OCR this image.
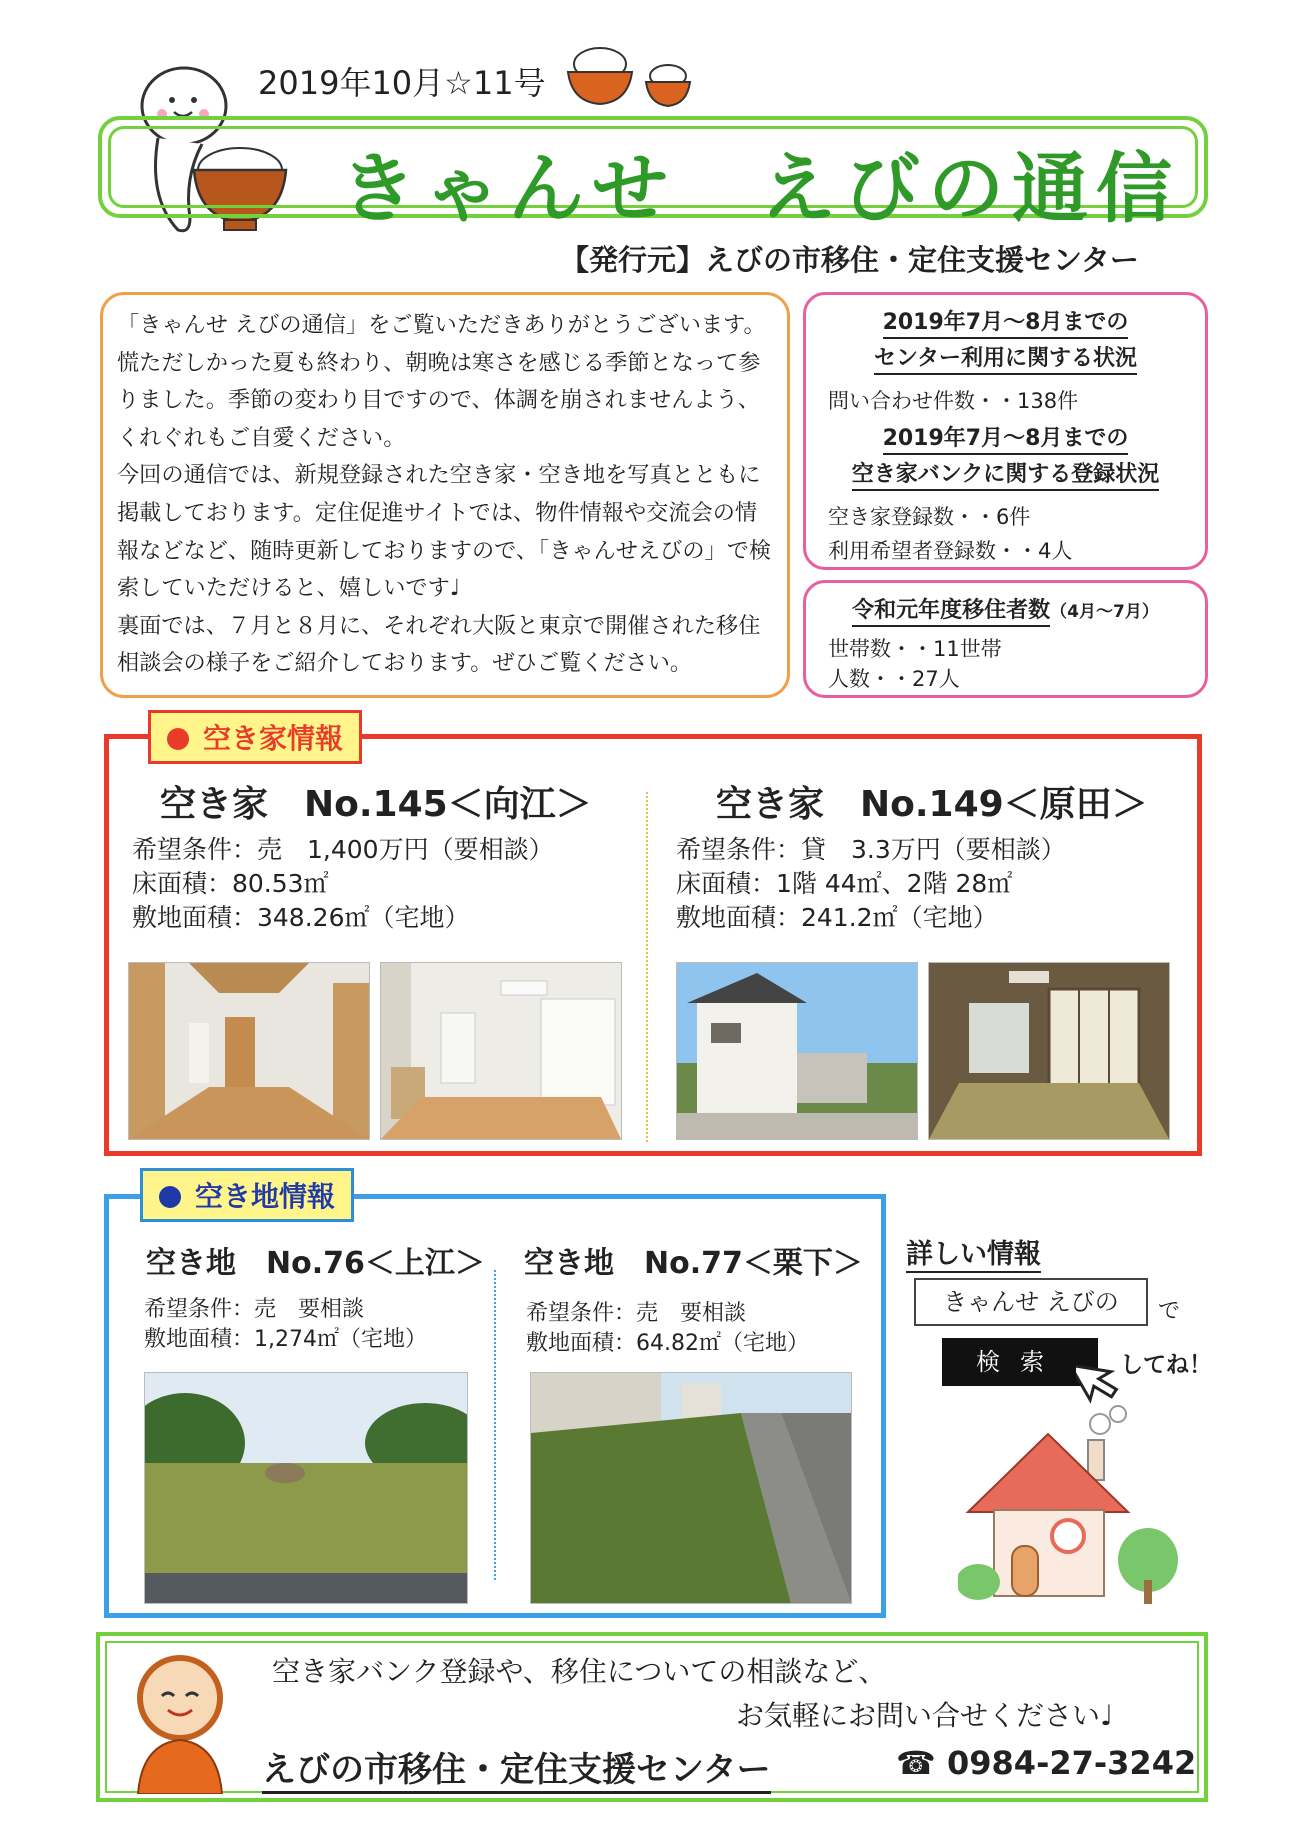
2019年10月☆11号
きゃんせ　えびの通信
【発行元】えびの市移住・定住支援センター

「きゃんせ えびの通信」をご覧いただきありがとうございます。
慌ただしかった夏も終わり、朝晩は寒さを感じる季節となって参りました。季節の変わり目ですので、体調を崩されませんよう、くれぐれもご自愛ください。
今回の通信では、新規登録された空き家・空き地を写真とともに掲載しております。定住促進サイトでは、物件情報や交流会の情報などなど、随時更新しておりますので、「きゃんせえびの」で検索していただけると、嬉しいです♩
裏面では、７月と８月に、それぞれ大阪と東京で開催された移住相談会の様子をご紹介しております。ぜひご覧ください。

2019年7月～8月までの
センター利用に関する状況
問い合わせ件数・・138件
2019年7月～8月までの
空き家バンクに関する登録状況
空き家登録数・・6件
利用希望者登録数・・4人
令和元年度移住者数（4月～7月）
世帯数・・11世帯
人数・・27人
空き家情報
空き家　No.145＜向江＞
希望条件：売　1,400万円（要相談）
床面積：80.53㎡
敷地面積：348.26㎡（宅地）
空き家　No.149＜原田＞
希望条件：貸　3.3万円（要相談）
床面積：1階 44㎡、2階 28㎡
敷地面積：241.2㎡（宅地）
空き地情報
空き地　No.76＜上江＞
希望条件：売　要相談
敷地面積：1,274㎡（宅地）
空き地　No.77＜栗下＞
希望条件：売　要相談
敷地面積：64.82㎡（宅地）
詳しい情報
きゃんせ えびの	で
検索	してね！
空き家バンク登録や、移住についての相談など、
お気軽にお問い合せください♩
えびの市移住・定住支援センター	☎ 0984-27-3242
